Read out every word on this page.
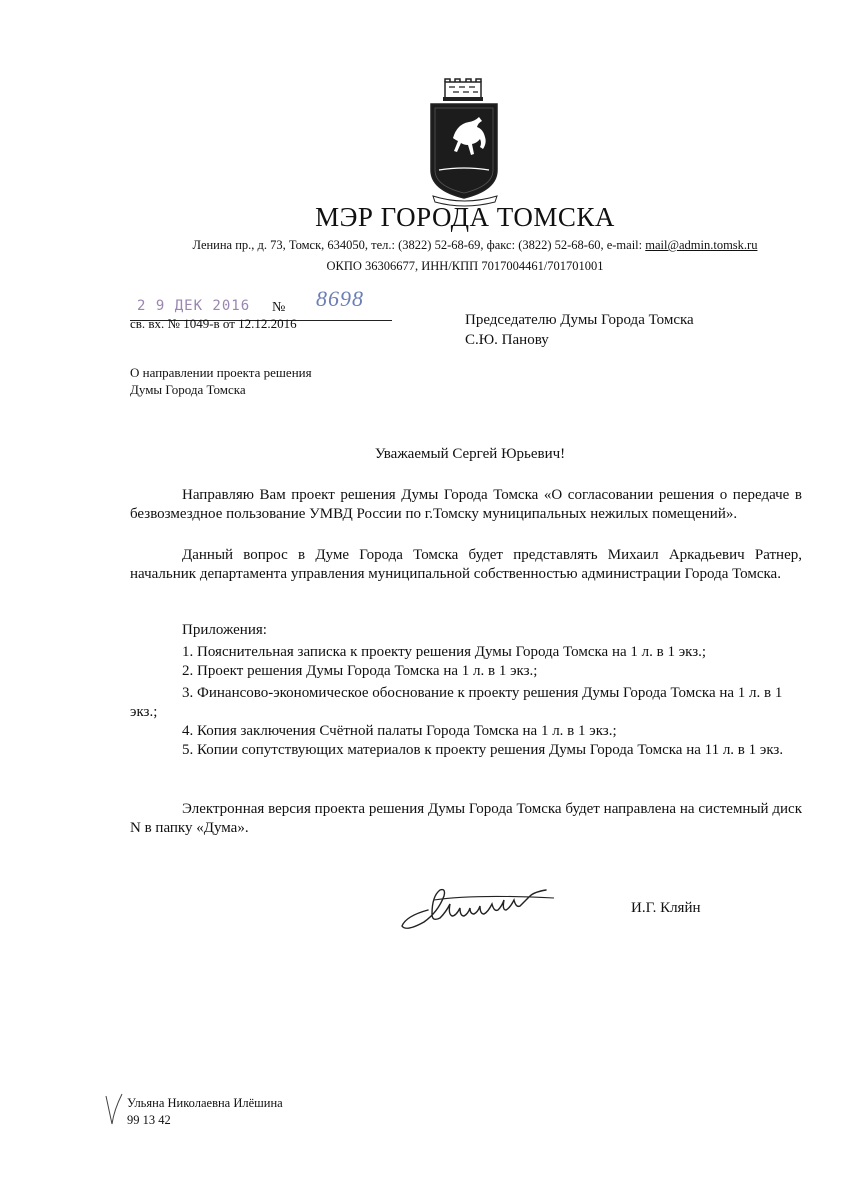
МЭР ГОРОДА ТОМСКА
Ленина пр., д. 73, Томск, 634050, тел.: (3822) 52-68-69, факс: (3822) 52-68-60, e-mail: mail@admin.tomsk.ru
ОКПО 36306677, ИНН/КПП 7017004461/701701001
2 9 ДЕК 2016 № 8698
св. вх. № 1049-в от 12.12.2016	Председателю Думы Города Томска
С.Ю. Панову
О направлении проекта решения
Думы Города Томска
Уважаемый Сергей Юрьевич!
Направляю Вам проект решения Думы Города Томска «О согласовании решения о передаче в безвозмездное пользование УМВД России по г.Томску муниципальных нежилых помещений».
Данный вопрос в Думе Города Томска будет представлять Михаил Аркадьевич Ратнер, начальник департамента управления муниципальной собственностью администрации Города Томска.
Приложения:
1. Пояснительная записка к проекту решения Думы Города Томска на 1 л. в 1 экз.;
2. Проект решения Думы Города Томска на 1 л. в 1 экз.;
3. Финансово-экономическое обоснование к проекту решения Думы Города Томска на 1 л. в 1 экз.;
4. Копия заключения Счётной палаты Города Томска на 1 л. в 1 экз.;
5. Копии сопутствующих материалов к проекту решения Думы Города Томска на 11 л. в 1 экз.
Электронная версия проекта решения Думы Города Томска будет направлена на системный диск N в папку «Дума».
И.Г. Кляйн
Ульяна Николаевна Илёшина
99 13 42
